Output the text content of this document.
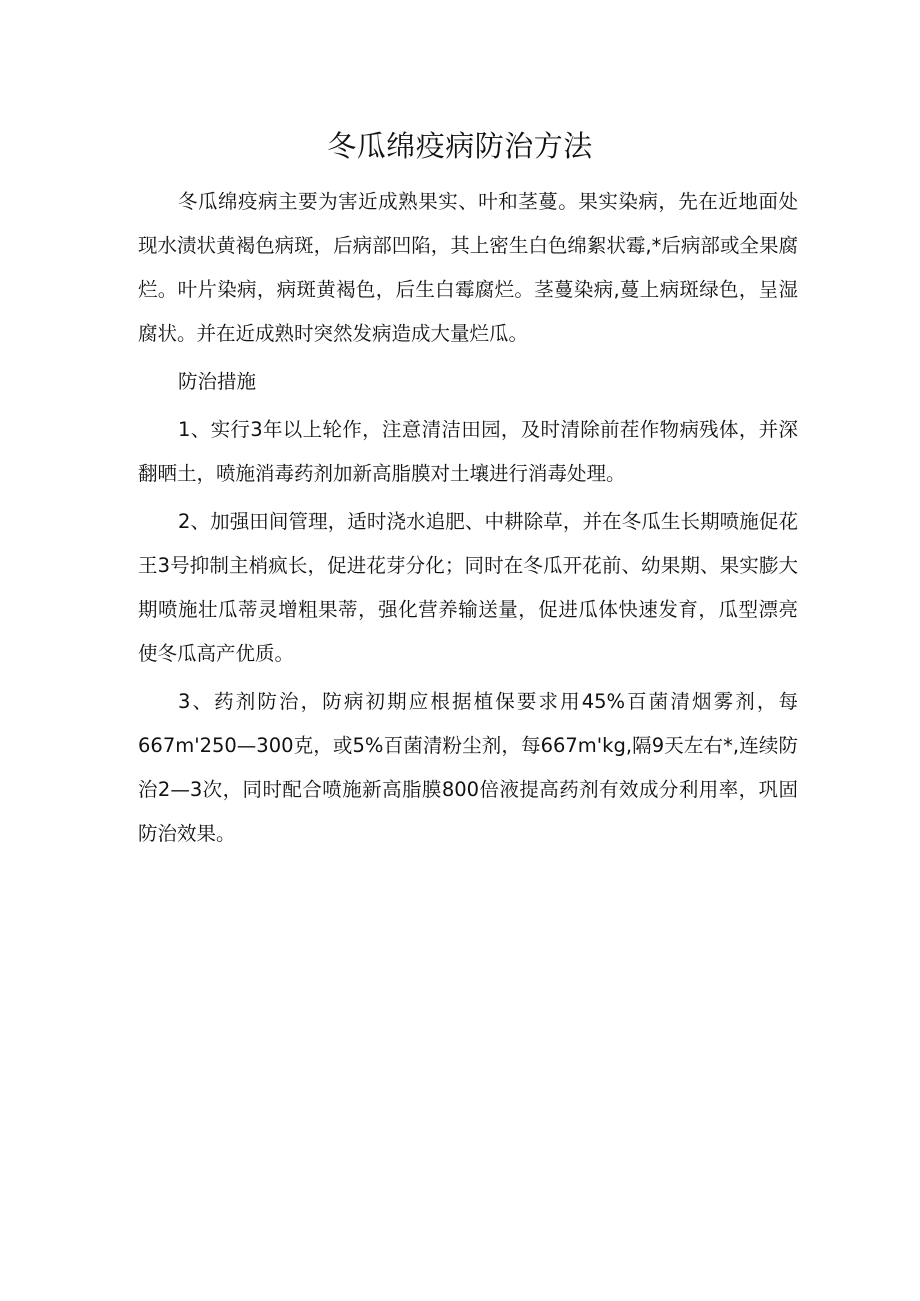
冬瓜绵疫病防治方法

冬瓜绵疫病主要为害近成熟果实、叶和茎蔓。果实染病，先在近地面处现水渍状黄褐色病斑，后病部凹陷，其上密生白色绵絮状霉,*后病部或全果腐烂。叶片染病，病斑黄褐色，后生白霉腐烂。茎蔓染病,蔓上病斑绿色，呈湿腐状。并在近成熟时突然发病造成大量烂瓜。

防治措施

1、实行3年以上轮作，注意清洁田园，及时清除前茬作物病残体，并深翻晒土，喷施消毒药剂加新高脂膜对土壤进行消毒处理。

2、加强田间管理，适时浇水追肥、中耕除草，并在冬瓜生长期喷施促花王3号抑制主梢疯长，促进花芽分化；同时在冬瓜开花前、幼果期、果实膨大期喷施壮瓜蒂灵增粗果蒂，强化营养输送量，促进瓜体快速发育，瓜型漂亮使冬瓜高产优质。

3、药剂防治，防病初期应根据植保要求用45%百菌清烟雾剂，每667m'250—300克，或5%百菌清粉尘剂，每667m'kg,隔9天左右*,连续防治2—3次，同时配合喷施新高脂膜800倍液提高药剂有效成分利用率，巩固防治效果。
